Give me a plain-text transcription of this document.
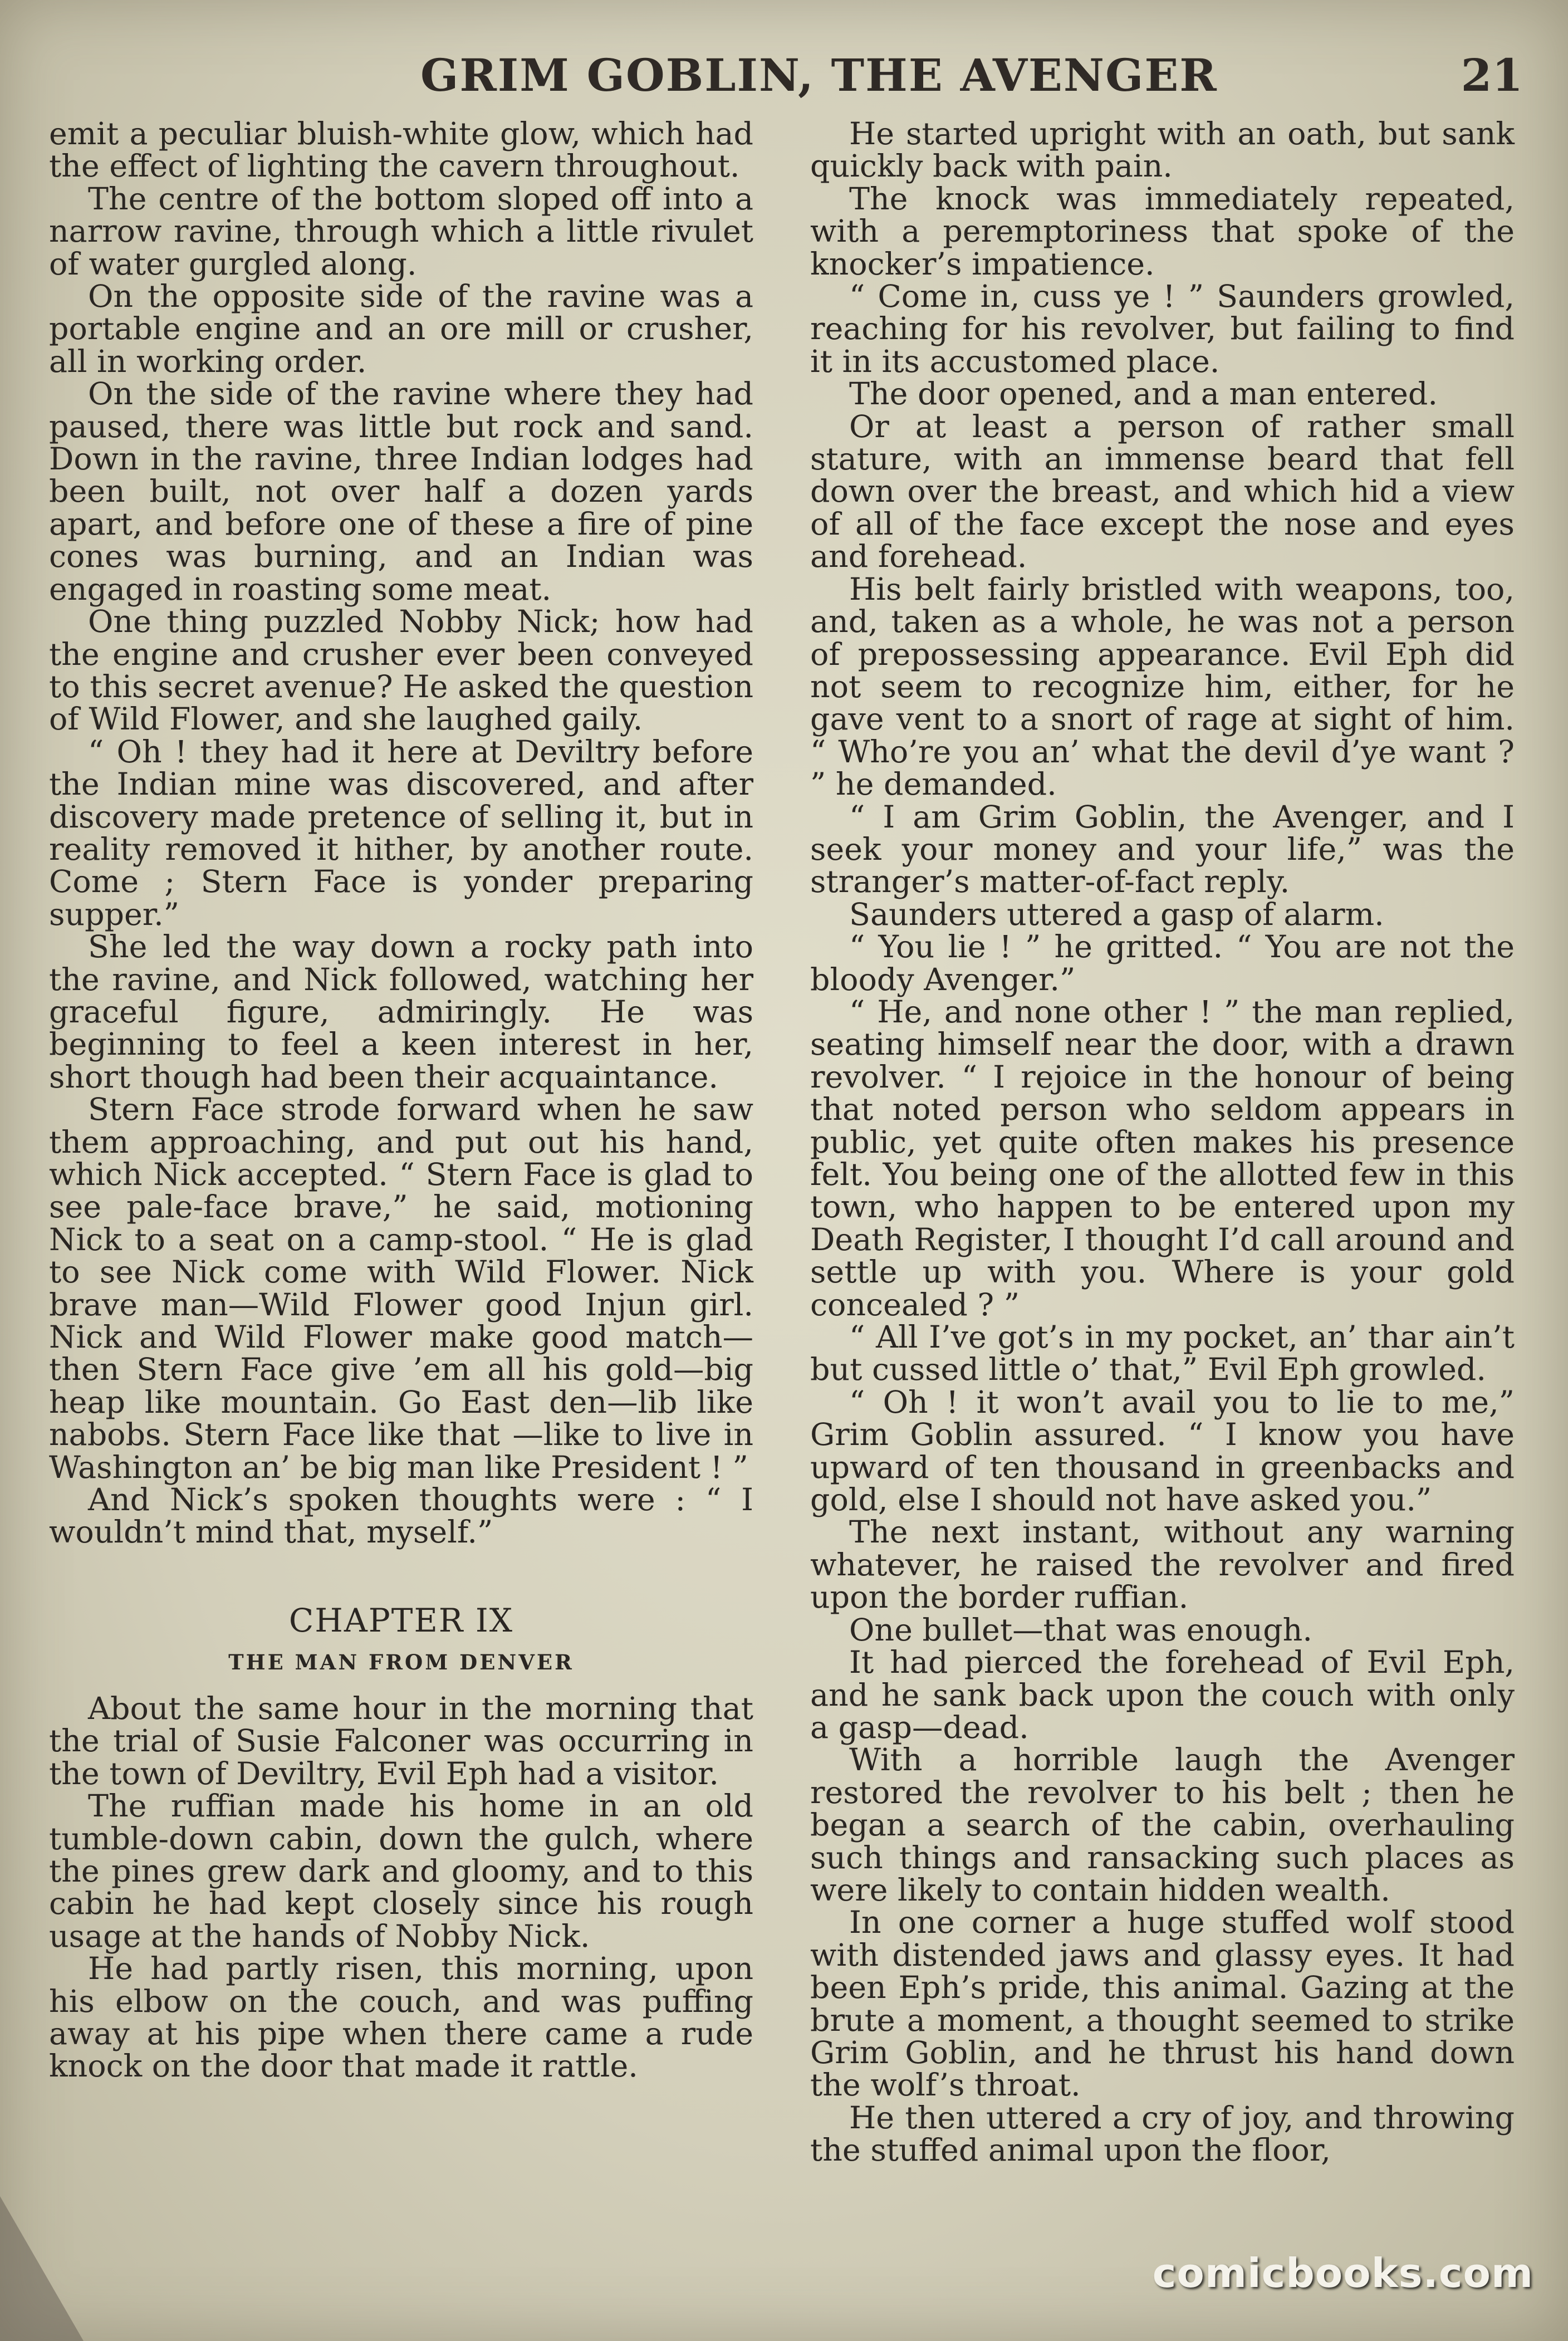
GRIM GOBLIN, THE AVENGER	21

emit a peculiar bluish-white glow, which had the effect of lighting the cavern throughout.

The centre of the bottom sloped off into a narrow ravine, through which a little rivulet of water gurgled along.

On the opposite side of the ravine was a portable engine and an ore mill or crusher, all in working order.

On the side of the ravine where they had paused, there was little but rock and sand. Down in the ravine, three Indian lodges had been built, not over half a dozen yards apart, and before one of these a fire of pine cones was burning, and an Indian was engaged in roasting some meat.

One thing puzzled Nobby Nick; how had the engine and crusher ever been conveyed to this secret avenue? He asked the question of Wild Flower, and she laughed gaily.

“ Oh ! they had it here at Deviltry before the Indian mine was discovered, and after discovery made pretence of selling it, but in reality removed it hither, by another route. Come ; Stern Face is yonder preparing supper.”

She led the way down a rocky path into the ravine, and Nick followed, watching her graceful figure, admiringly. He was beginning to feel a keen interest in her, short though had been their acquaintance.

Stern Face strode forward when he saw them approaching, and put out his hand, which Nick accepted. “ Stern Face is glad to see pale-face brave,” he said, motioning Nick to a seat on a camp-stool. “ He is glad to see Nick come with Wild Flower. Nick brave man—Wild Flower good Injun girl. Nick and Wild Flower make good match—then Stern Face give ’em all his gold—big heap like mountain. Go East den—lib like nabobs. Stern Face like that —like to live in Washington an’ be big man like President ! ”

And Nick’s spoken thoughts were : “ I wouldn’t mind that, myself.”

CHAPTER IX
THE MAN FROM DENVER

About the same hour in the morning that the trial of Susie Falconer was occurring in the town of Deviltry, Evil Eph had a visitor.

The ruffian made his home in an old tumble-down cabin, down the gulch, where the pines grew dark and gloomy, and to this cabin he had kept closely since his rough usage at the hands of Nobby Nick.

He had partly risen, this morning, upon his elbow on the couch, and was puffing away at his pipe when there came a rude knock on the door that made it rattle.

He started upright with an oath, but sank quickly back with pain.

The knock was immediately repeated, with a peremptoriness that spoke of the knocker’s impatience.

“ Come in, cuss ye ! ” Saunders growled, reaching for his revolver, but failing to find it in its accustomed place.

The door opened, and a man entered.

Or at least a person of rather small stature, with an immense beard that fell down over the breast, and which hid a view of all of the face except the nose and eyes and forehead.

His belt fairly bristled with weapons, too, and, taken as a whole, he was not a person of prepossessing appearance. Evil Eph did not seem to recognize him, either, for he gave vent to a snort of rage at sight of him. “ Who’re you an’ what the devil d’ye want ? ” he demanded.

“ I am Grim Goblin, the Avenger, and I seek your money and your life,” was the stranger’s matter-of-fact reply.

Saunders uttered a gasp of alarm.

“ You lie ! ” he gritted. “ You are not the bloody Avenger.”

“ He, and none other ! ” the man replied, seating himself near the door, with a drawn revolver. “ I rejoice in the honour of being that noted person who seldom appears in public, yet quite often makes his presence felt. You being one of the allotted few in this town, who happen to be entered upon my Death Register, I thought I’d call around and settle up with you. Where is your gold concealed ? ”

“ All I’ve got’s in my pocket, an’ thar ain’t but cussed little o’ that,” Evil Eph growled.

“ Oh ! it won’t avail you to lie to me,” Grim Goblin assured. “ I know you have upward of ten thousand in greenbacks and gold, else I should not have asked you.”

The next instant, without any warning whatever, he raised the revolver and fired upon the border ruffian.

One bullet—that was enough.

It had pierced the forehead of Evil Eph, and he sank back upon the couch with only a gasp—dead.

With a horrible laugh the Avenger restored the revolver to his belt ; then he began a search of the cabin, overhauling such things and ransacking such places as were likely to contain hidden wealth.

In one corner a huge stuffed wolf stood with distended jaws and glassy eyes. It had been Eph’s pride, this animal. Gazing at the brute a moment, a thought seemed to strike Grim Goblin, and he thrust his hand down the wolf’s throat.

He then uttered a cry of joy, and throwing the stuffed animal upon the floor,

comicbooks.com
